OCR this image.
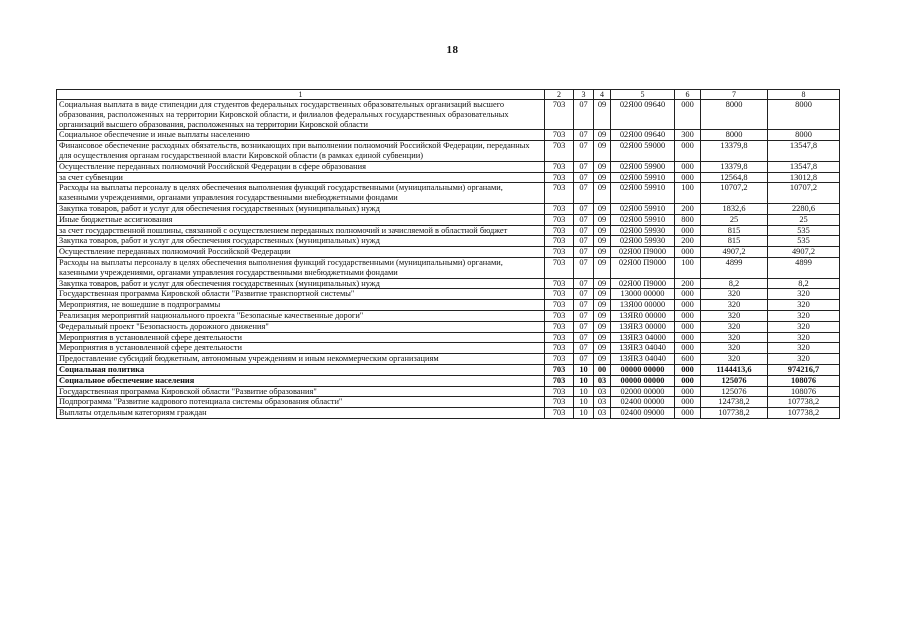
18
1	2	3	4	5	6	7	8
Социальная выплата в виде стипендии для студентов федеральных государственных образовательных организаций высшего образования, расположенных на территории Кировской области, и филиалов федеральных государственных образовательных организаций высшего образования, расположенных на территории Кировской области	703	07	09	02Я00 09640	000	8000	8000
Социальное обеспечение и иные выплаты населению	703	07	09	02Я00 09640	300	8000	8000
Финансовое обеспечение расходных обязательств, возникающих при выполнении полномочий Российской Федерации, переданных для осуществления органам государственной власти Кировской области (в рамках единой субвенции)	703	07	09	02Я00 59000	000	13379,8	13547,8
Осуществление переданных полномочий Российской Федерации в сфере образования	703	07	09	02Я00 59900	000	13379,8	13547,8
за счет субвенции	703	07	09	02Я00 59910	000	12564,8	13012,8
Расходы на выплаты персоналу в целях обеспечения выполнения функций государственными (муниципальными) органами, казенными учреждениями, органами управления государственными внебюджетными фондами	703	07	09	02Я00 59910	100	10707,2	10707,2
Закупка товаров, работ и услуг для обеспечения государственных (муниципальных) нужд	703	07	09	02Я00 59910	200	1832,6	2280,6
Иные бюджетные ассигнования	703	07	09	02Я00 59910	800	25	25
за счет государственной пошлины, связанной с осуществлением переданных полномочий и зачисляемой в областной бюджет	703	07	09	02Я00 59930	000	815	535
Закупка товаров, работ и услуг для обеспечения государственных (муниципальных) нужд	703	07	09	02Я00 59930	200	815	535
Осуществление переданных полномочий Российской Федерации	703	07	09	02Я00 П9000	000	4907,2	4907,2
Расходы на выплаты персоналу в целях обеспечения выполнения функций государственными (муниципальными) органами, казенными учреждениями, органами управления государственными внебюджетными фондами	703	07	09	02Я00 П9000	100	4899	4899
Закупка товаров, работ и услуг для обеспечения государственных (муниципальных) нужд	703	07	09	02Я00 П9000	200	8,2	8,2
Государственная программа Кировской области "Развитие транспортной системы"	703	07	09	13000 00000	000	320	320
Мероприятия, не вошедшие в подпрограммы	703	07	09	13Я00 00000	000	320	320
Реализация мероприятий национального проекта "Безопасные качественные дороги"	703	07	09	13ЯR0 00000	000	320	320
Федеральный проект "Безопасность дорожного движения"	703	07	09	13ЯR3 00000	000	320	320
Мероприятия в установленной сфере деятельности	703	07	09	13ЯR3 04000	000	320	320
Мероприятия в установленной сфере деятельности	703	07	09	13ЯR3 04040	000	320	320
Предоставление субсидий бюджетным, автономным учреждениям и иным некоммерческим организациям	703	07	09	13ЯR3 04040	600	320	320
Социальная политика	703	10	00	00000 00000	000	1144413,6	974216,7
Социальное обеспечение населения	703	10	03	00000 00000	000	125076	108076
Государственная программа Кировской области "Развитие образования"	703	10	03	02000 00000	000	125076	108076
Подпрограмма "Развитие кадрового потенциала системы образования области"	703	10	03	02400 00000	000	124738,2	107738,2
Выплаты отдельным категориям граждан	703	10	03	02400 09000	000	107738,2	107738,2
